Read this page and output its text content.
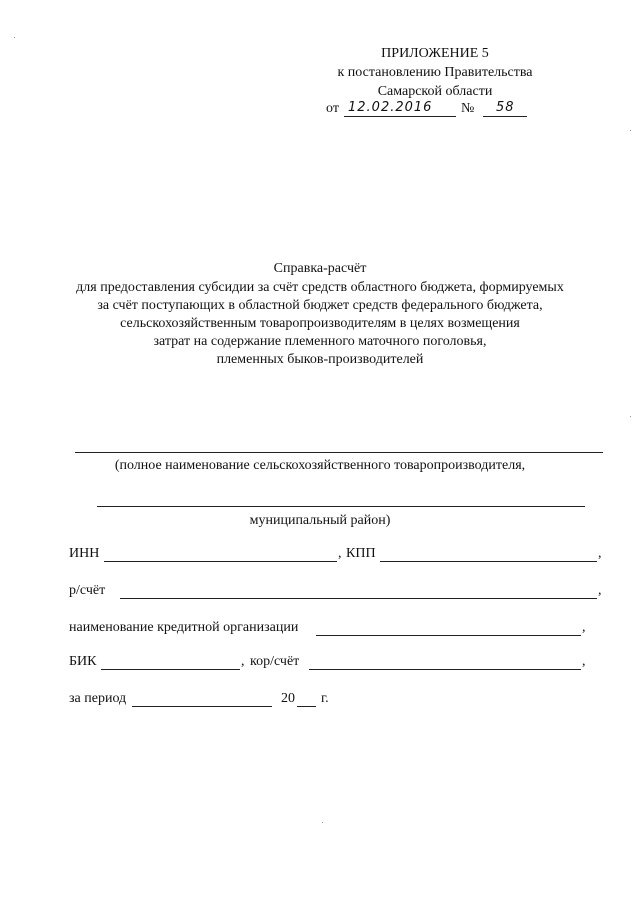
ПРИЛОЖЕНИЕ 5
к постановлению Правительства
Самарской области
от 12.02.2016 № 58
Справка-расчёт
для предоставления субсидии за счёт средств областного бюджета, формируемых
за счёт поступающих в областной бюджет средств федерального бюджета,
сельскохозяйственным товаропроизводителям в целях возмещения
затрат на содержание племенного маточного поголовья,
племенных быков-производителей
(полное наименование сельскохозяйственного товаропроизводителя,
муниципальный район)
ИНН	, КПП	,
р/счёт	,
наименование кредитной организации	,
БИК	, кор/счёт	,
за период	20 г.
